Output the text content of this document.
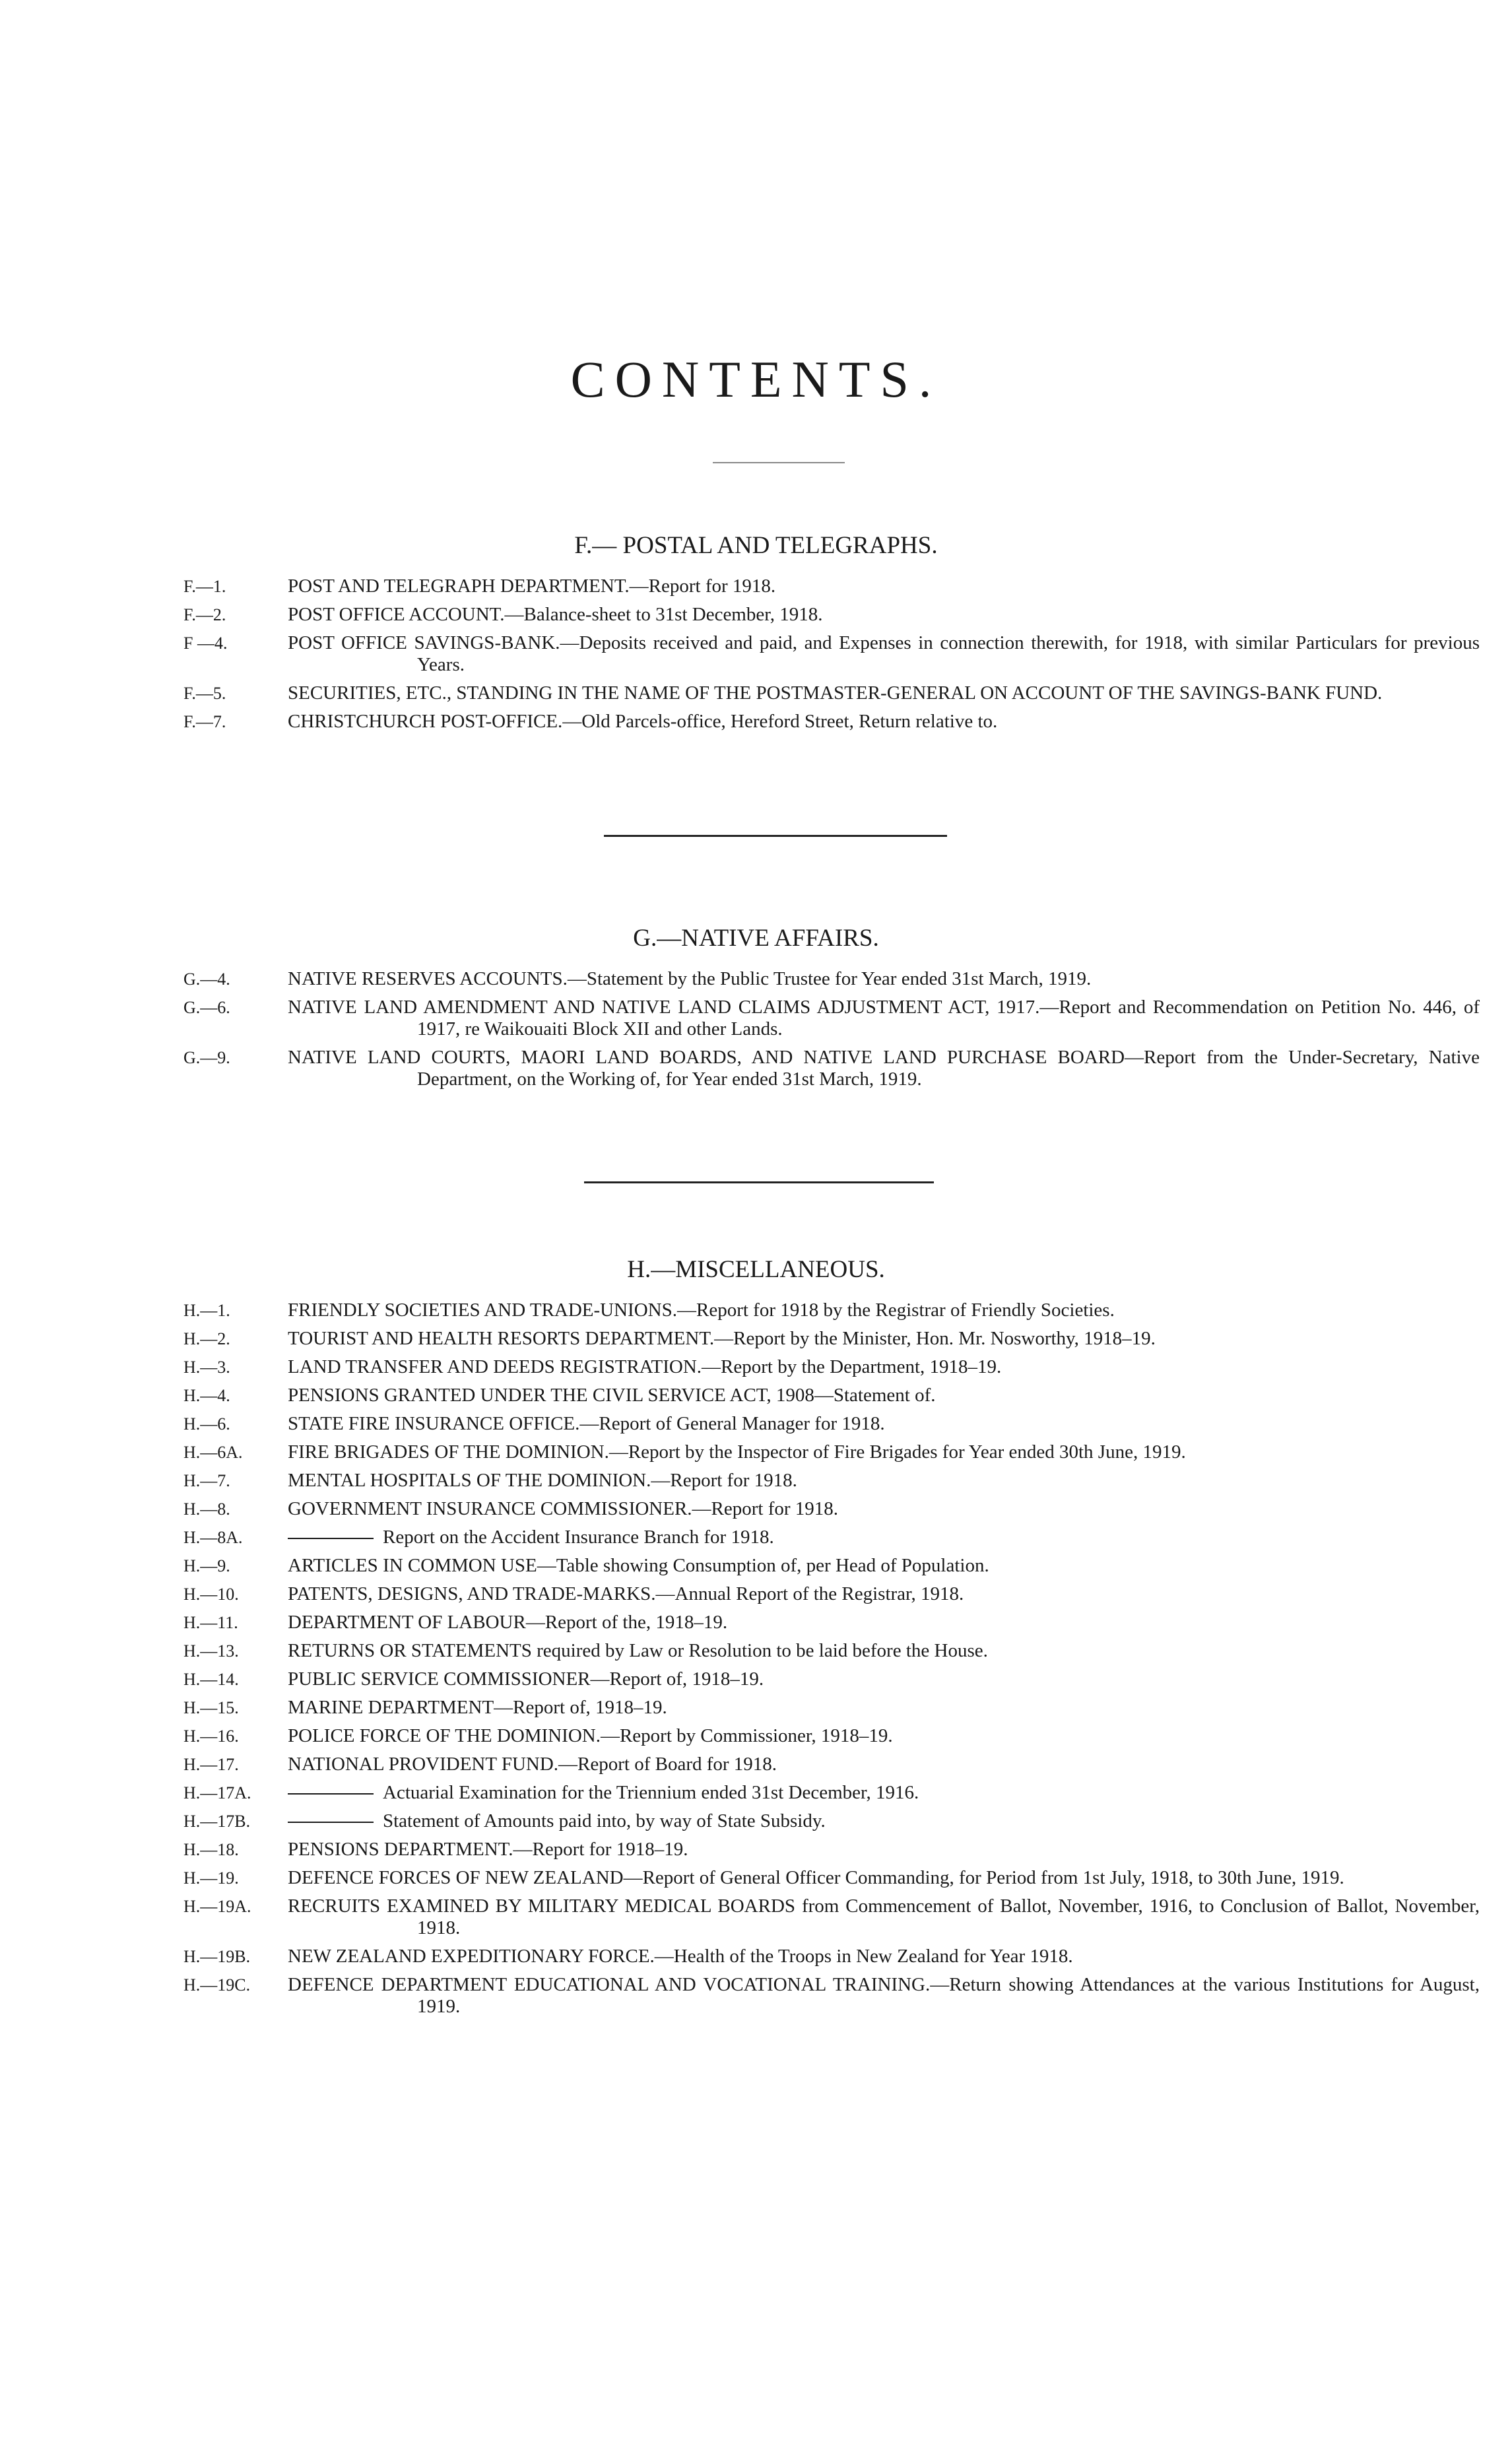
CONTENTS.
F.— POSTAL AND TELEGRAPHS.
F.—1.	POST AND TELEGRAPH DEPARTMENT.—Report for 1918.
F.—2.	POST OFFICE ACCOUNT.—Balance-sheet to 31st December, 1918.
F —4.	POST OFFICE SAVINGS-BANK.—Deposits received and paid, and Expenses in connection therewith, for 1918, with similar Particulars for previous Years.
F.—5.	SECURITIES, ETC., STANDING IN THE NAME OF THE POSTMASTER-GENERAL ON ACCOUNT OF THE SAVINGS-BANK FUND.
F.—7.	CHRISTCHURCH POST-OFFICE.—Old Parcels-office, Hereford Street, Return relative to.
G.—NATIVE AFFAIRS.
G.—4.	NATIVE RESERVES ACCOUNTS.—Statement by the Public Trustee for Year ended 31st March, 1919.
G.—6.	NATIVE LAND AMENDMENT AND NATIVE LAND CLAIMS ADJUSTMENT ACT, 1917.—Report and Recommendation on Petition No. 446, of 1917, re Waikouaiti Block XII and other Lands.
G.—9.	NATIVE LAND COURTS, MAORI LAND BOARDS, AND NATIVE LAND PURCHASE BOARD—Report from the Under-Secretary, Native Department, on the Working of, for Year ended 31st March, 1919.
H.—MISCELLANEOUS.
H.—1.	FRIENDLY SOCIETIES AND TRADE-UNIONS.—Report for 1918 by the Registrar of Friendly Societies.
H.—2.	TOURIST AND HEALTH RESORTS DEPARTMENT.—Report by the Minister, Hon. Mr. Nosworthy, 1918–19.
H.—3.	LAND TRANSFER AND DEEDS REGISTRATION.—Report by the Department, 1918–19.
H.—4.	PENSIONS GRANTED UNDER THE CIVIL SERVICE ACT, 1908—Statement of.
H.—6.	STATE FIRE INSURANCE OFFICE.—Report of General Manager for 1918.
H.—6A.	FIRE BRIGADES OF THE DOMINION.—Report by the Inspector of Fire Brigades for Year ended 30th June, 1919.
H.—7.	MENTAL HOSPITALS OF THE DOMINION.—Report for 1918.
H.—8.	GOVERNMENT INSURANCE COMMISSIONER.—Report for 1918.
H.—8A.	Report on the Accident Insurance Branch for 1918.
H.—9.	ARTICLES IN COMMON USE—Table showing Consumption of, per Head of Population.
H.—10.	PATENTS, DESIGNS, AND TRADE-MARKS.—Annual Report of the Registrar, 1918.
H.—11.	DEPARTMENT OF LABOUR—Report of the, 1918–19.
H.—13.	RETURNS OR STATEMENTS required by Law or Resolution to be laid before the House.
H.—14.	PUBLIC SERVICE COMMISSIONER—Report of, 1918–19.
H.—15.	MARINE DEPARTMENT—Report of, 1918–19.
H.—16.	POLICE FORCE OF THE DOMINION.—Report by Commissioner, 1918–19.
H.—17.	NATIONAL PROVIDENT FUND.—Report of Board for 1918.
H.—17A.	Actuarial Examination for the Triennium ended 31st December, 1916.
H.—17B.	Statement of Amounts paid into, by way of State Subsidy.
H.—18.	PENSIONS DEPARTMENT.—Report for 1918–19.
H.—19.	DEFENCE FORCES OF NEW ZEALAND—Report of General Officer Commanding, for Period from 1st July, 1918, to 30th June, 1919.
H.—19A.	RECRUITS EXAMINED BY MILITARY MEDICAL BOARDS from Commencement of Ballot, November, 1916, to Conclusion of Ballot, November, 1918.
H.—19B.	NEW ZEALAND EXPEDITIONARY FORCE.—Health of the Troops in New Zealand for Year 1918.
H.—19C.	DEFENCE DEPARTMENT EDUCATIONAL AND VOCATIONAL TRAINING.—Return showing Attendances at the various Institutions for August, 1919.
